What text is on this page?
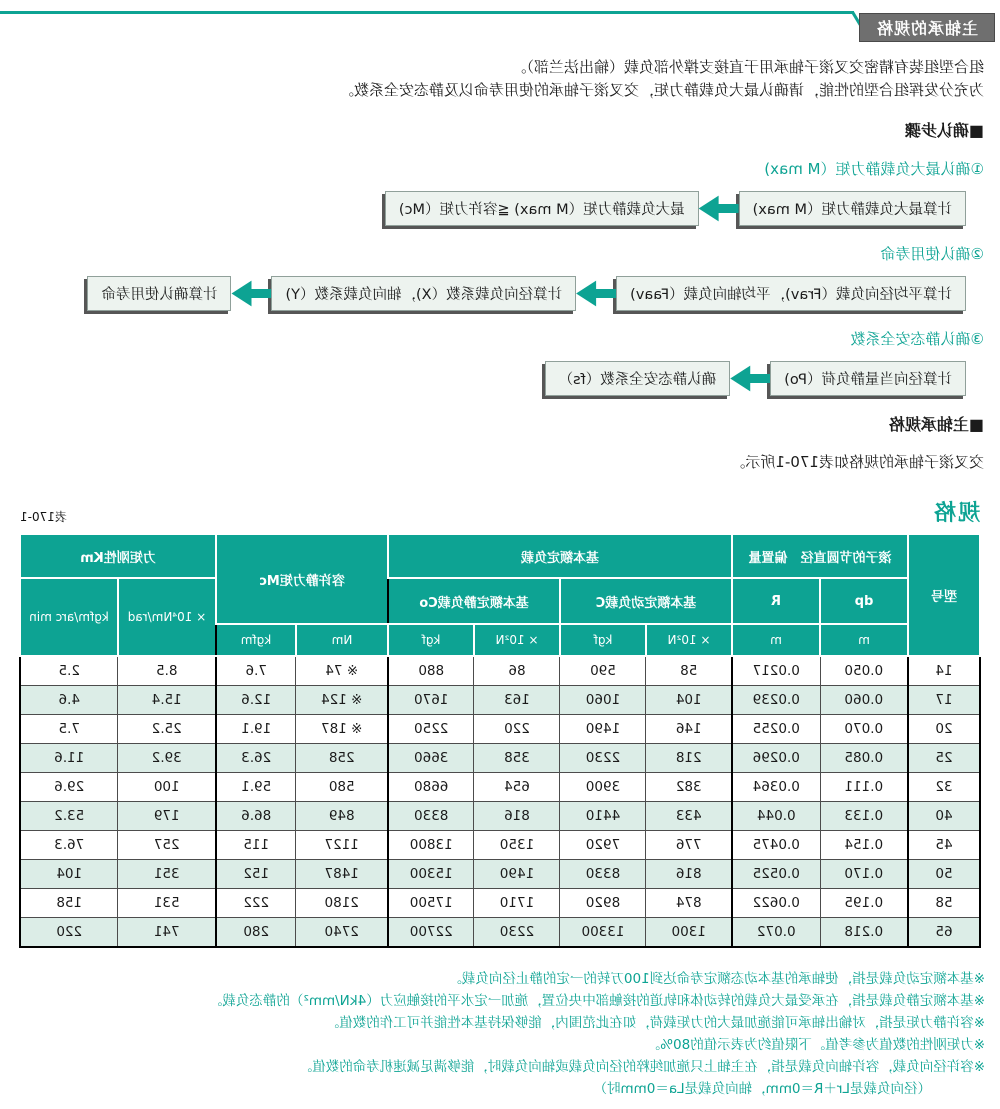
主轴承的规格
组合型组装有精密交叉滚子轴承用于直接支撑外部负载（输出法兰部）。
为充分发挥组合型的性能，请确认最大负载静力矩，交叉滚子轴承的使用寿命以及静态安全系数。
■确认步骤
①确认最大负载静力矩（M max)
计算最大负载静力矩（M max)
最大负载静力矩（M max) ≦容许力矩（Mc)
②确认使用寿命
计算平均径向负载（Frav)，平均轴向负载（Faav)
计算径向负载系数（X)，轴向负载系数（Y)
计算确认使用寿命
③确认静态安全系数
计算径向当量静负荷（Po)
确认静态安全系数（fs）
■主轴承规格
交叉滚子轴承的规格如表170-1所示。
规格
表170-1
型号	滚子的节圆直径　偏置量		基本额定负载				容许静力矩Mc		力矩刚性Km	
	dp	R	基本额定动负载C		基本额定静负载Co				× 10⁴Nm/rad	kgfm/arc min
	m	m	× 10²N	kgf	× 10²N	kgf	Nm	kgfm		
14	0.050	0.0217	58	590	86	880	※ 74	7.6	8.5	2.5
17	0.060	0.0239	104	1060	163	1670	※ 124	12.6	15.4	4.6
20	0.070	0.0255	146	1490	220	2250	※ 187	19.1	25.2	7.5
25	0.085	0.0296	218	2230	358	3660	258	26.3	39.2	11.6
32	0.111	0.0364	382	3900	654	6680	580	59.1	100	29.6
40	0.133	0.044	433	4410	816	8330	849	86.6	179	53.2
45	0.154	0.0475	776	7920	1350	13800	1127	115	257	76.3
50	0.170	0.0525	816	8330	1490	15300	1487	152	351	104
58	0.195	0.0622	874	8920	1710	17500	2180	222	531	158
65	0.218	0.072	1300	13300	2230	22700	2740	280	741	220
※基本额定动负载是指，使轴承的基本动态额定寿命达到100万转的一定的静止径向负载。
※基本额定静负载是指，在承受最大负载的转动体和轨道的接触部中央位置，施加一定水平的接触应力（4kN/mm²）的静态负载。
※容许静力矩是指，对输出轴承可能施加最大的力矩载荷，如在此范围内，能够保持基本性能并可工作的数值。
※力矩刚性的数值为参考值。下限值约为表示值的80%。
※容许径向负载，容许轴向负载是指，在主轴上只施加纯粹的径向负载或轴向负载时，能够满足减速机寿命的数值。
（径向负载是Lr＋R＝0mm，轴向负载是La＝0mm时）
